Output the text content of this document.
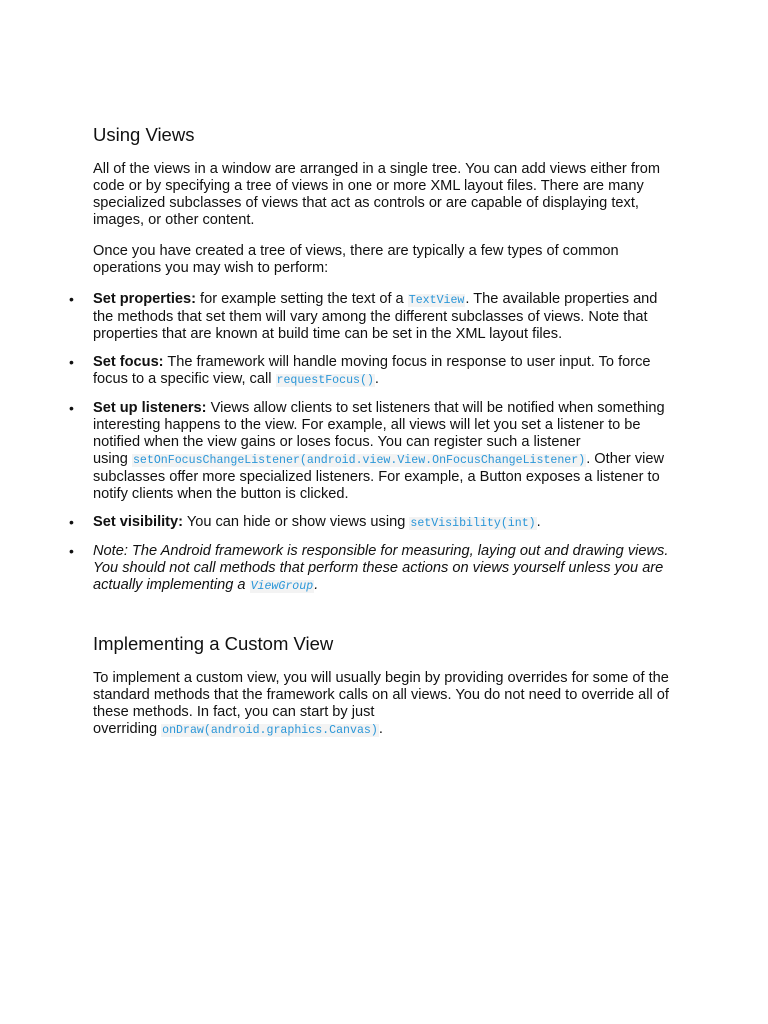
Using Views

All of the views in a window are arranged in a single tree. You can add views either from code or by specifying a tree of views in one or more XML layout files. There are many specialized subclasses of views that act as controls or are capable of displaying text, images, or other content.

Once you have created a tree of views, there are typically a few types of common operations you may wish to perform:

• Set properties: for example setting the text of a TextView. The available properties and the methods that set them will vary among the different subclasses of views. Note that properties that are known at build time can be set in the XML layout files.
• Set focus: The framework will handle moving focus in response to user input. To force focus to a specific view, call requestFocus().
• Set up listeners: Views allow clients to set listeners that will be notified when something interesting happens to the view. For example, all views will let you set a listener to be notified when the view gains or loses focus. You can register such a listener
using setOnFocusChangeListener(android.view.View.OnFocusChangeListener). Other view subclasses offer more specialized listeners. For example, a Button exposes a listener to notify clients when the button is clicked.
• Set visibility: You can hide or show views using setVisibility(int).
• Note: The Android framework is responsible for measuring, laying out and drawing views. You should not call methods that perform these actions on views yourself unless you are actually implementing a ViewGroup.
Implementing a Custom View

To implement a custom view, you will usually begin by providing overrides for some of the standard methods that the framework calls on all views. You do not need to override all of these methods. In fact, you can start by just
overriding onDraw(android.graphics.Canvas).
